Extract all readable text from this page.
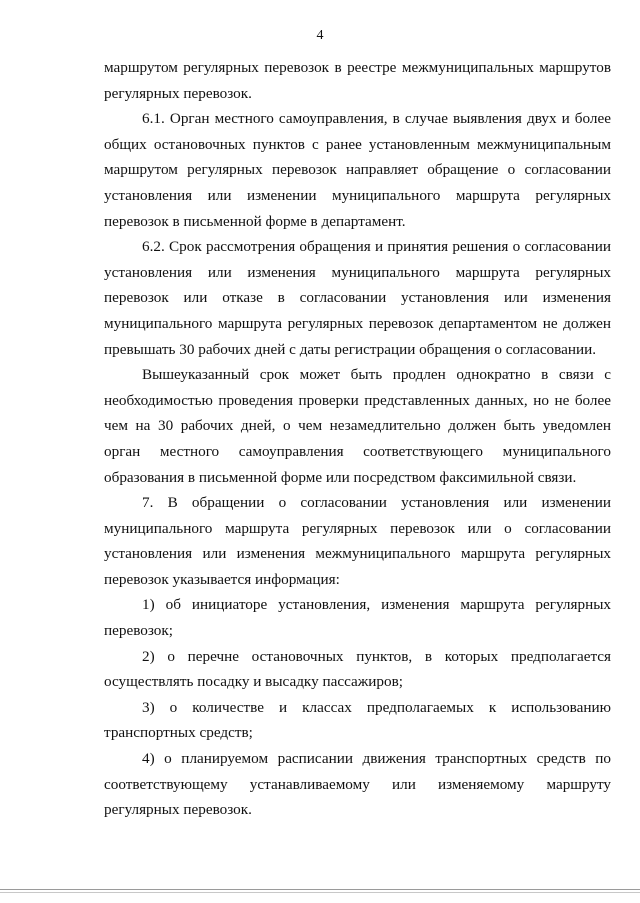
4

маршрутом регулярных перевозок в реестре межмуниципальных маршрутов регулярных перевозок.

6.1. Орган местного самоуправления, в случае выявления двух и более общих остановочных пунктов с ранее установленным межмуниципальным маршрутом регулярных перевозок направляет обращение о согласовании установления или изменении муниципального маршрута регулярных перевозок в письменной форме в департамент.

6.2. Срок рассмотрения обращения и принятия решения о согласовании установления или изменения муниципального маршрута регулярных перевозок или отказе в согласовании установления или изменения муниципального маршрута регулярных перевозок департаментом не должен превышать 30 рабочих дней с даты регистрации обращения о согласовании.

Вышеуказанный срок может быть продлен однократно в связи с необходимостью проведения проверки представленных данных, но не более чем на 30 рабочих дней, о чем незамедлительно должен быть уведомлен орган местного самоуправления соответствующего муниципального образования в письменной форме или посредством факсимильной связи.

7. В обращении о согласовании установления или изменении муниципального маршрута регулярных перевозок или о согласовании установления или изменения межмуниципального маршрута регулярных перевозок указывается информация:

1) об инициаторе установления, изменения маршрута регулярных перевозок;

2) о перечне остановочных пунктов, в которых предполагается осуществлять посадку и высадку пассажиров;

3) о количестве и классах предполагаемых к использованию транспортных средств;

4) о планируемом расписании движения транспортных средств по соответствующему устанавливаемому или изменяемому маршруту регулярных перевозок.
